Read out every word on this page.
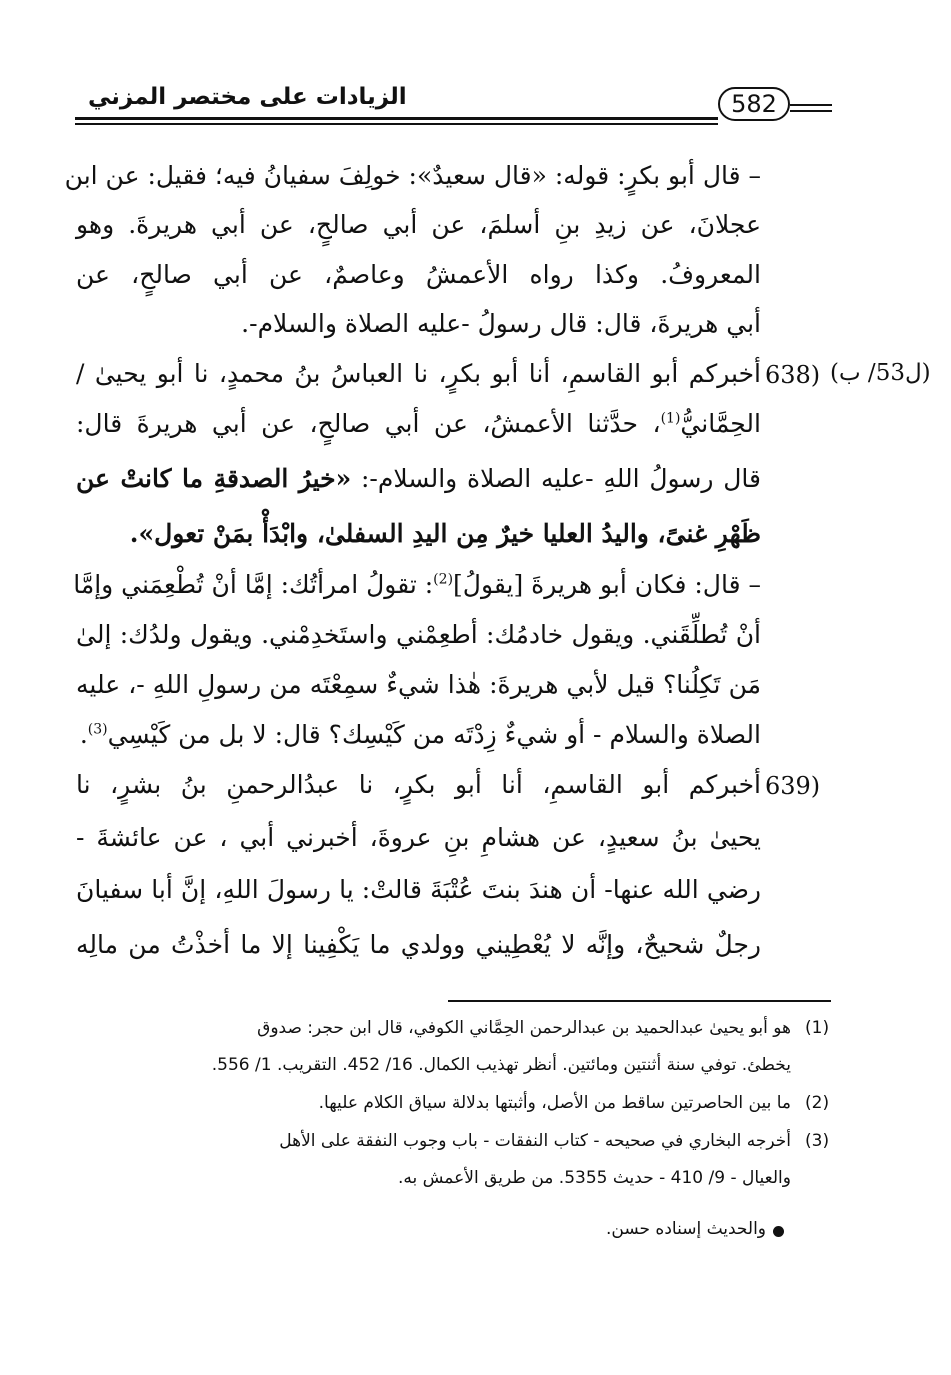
الزيادات على مختصر المزني	582
– قال أبو بكرٍ: قوله: «قال سعيدٌ»: خولِفَ سفيانُ فيه؛ فقيل: عن ابن
عجلانَ، عن زيدِ بنِ أسلمَ، عن أبي صالحٍ، عن أبي هريرةَ. وهو
المعروفُ. وكذا رواه الأعمشُ وعاصمٌ، عن أبي صالحٍ، عن
أبي هريرةَ، قال: قال رسولُ -عليه الصلاة والسلام-.
(ل53/ ب)
638)
أخبركم أبو القاسمِ، أنا أبو بكرٍ، نا العباسُ بنُ محمدٍ، نا أبو يحيىٰ /
الحِمَّانيُّ$^{(1)}$، حدَّثنا الأعمشُ، عن أبي صالحٍ، عن أبي هريرةَ قال:
قال رسولُ اللهِ -عليه الصلاة والسلام-: «خيرُ الصدقةِ ما كانتْ عن
ظَهْرِ غنىً، واليدُ العليا خيرٌ مِن اليدِ السفلىٰ، وابْدَأْ بمَنْ تعول».
– قال: فكان أبو هريرةَ [يقولُ]$^{(2)}$: تقولُ امرأتُك: إمَّا أنْ تُطْعِمَني وإمَّا
أنْ تُطلِّقَني. ويقول خادمُك: أطعِمْني واستَخدِمْني. ويقول ولدُك: إلىٰ
مَن تَكِلُنا؟ قيل لأبي هريرةَ: هٰذا شيءٌ سمِعْتَه من رسولِ اللهِ -، عليه
الصلاة والسلام - أو شيءٌ زِدْتَه من كَيْسِك؟ قال: لا بل من كَيْسِي$^{(3)}$.
639)
أخبركم أبو القاسمِ، أنا أبو بكرٍ، نا عبدُالرحمنِ بنُ بشرٍ، نا
يحيىٰ بنُ سعيدٍ، عن هشامِ بنِ عروةَ، أخبرني أبي ، عن عائشةَ -
رضي الله عنها- أن هندَ بنتَ عُتْبَةَ قالتْ: يا رسولَ اللهِ، إنَّ أبا سفيانَ
رجلٌ شحيحٌ، وإنَّه لا يُعْطِيني وولدي ما يَكْفِينا إلا ما أخذْتُ من مالِه
(1)
هو أبو يحيىٰ عبدالحميد بن عبدالرحمن الحِمَّاني الكوفي، قال ابن حجر: صدوق
يخطئ. توفي سنة أثنتين ومائتين. أنظر تهذيب الكمال. 16/ 452. التقريب. 1/ 556.
(2)
ما بين الحاصرتين ساقط من الأصل، وأثبتها بدلالة سياق الكلام عليها.
(3)
أخرجه البخاري في صحيحه - كتاب النفقات - باب وجوب النفقة على الأهل
والعيال - 9/ 410 - حديث 5355. من طريق الأعمش به.
والحديث إسناده حسن.
